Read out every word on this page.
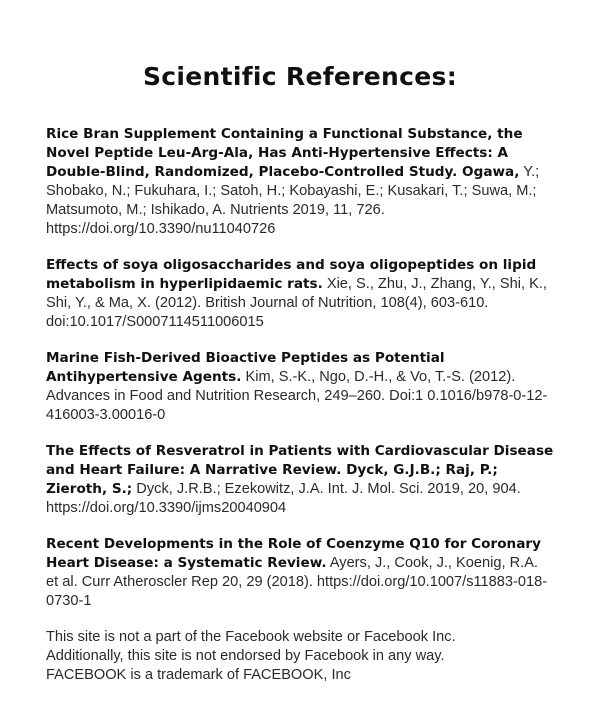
Scientific References:
Rice Bran Supplement Containing a Functional Substance, the Novel Peptide Leu-Arg-Ala, Has Anti-Hypertensive Effects: A Double-Blind, Randomized, Placebo-Controlled Study. Ogawa, Y.; Shobako, N.; Fukuhara, I.; Satoh, H.; Kobayashi, E.; Kusakari, T.; Suwa, M.; Matsumoto, M.; Ishikado, A. Nutrients 2019, 11, 726. https://doi.org/10.3390/nu11040726
Effects of soya oligosaccharides and soya oligopeptides on lipid metabolism in hyperlipidaemic rats. Xie, S., Zhu, J., Zhang, Y., Shi, K., Shi, Y., & Ma, X. (2012). British Journal of Nutrition, 108(4), 603-610. doi:10.1017/S0007114511006015
Marine Fish-Derived Bioactive Peptides as Potential Antihypertensive Agents. Kim, S.-K., Ngo, D.-H., & Vo, T.-S. (2012). Advances in Food and Nutrition Research, 249–260. Doi:1 0.1016/b978-0-12-416003-3.00016-0
The Effects of Resveratrol in Patients with Cardiovascular Disease and Heart Failure: A Narrative Review. Dyck, G.J.B.; Raj, P.; Zieroth, S.; Dyck, J.R.B.; Ezekowitz, J.A. Int. J. Mol. Sci. 2019, 20, 904. https://doi.org/10.3390/ijms20040904
Recent Developments in the Role of Coenzyme Q10 for Coronary Heart Disease: a Systematic Review. Ayers, J., Cook, J., Koenig, R.A. et al. Curr Atheroscler Rep 20, 29 (2018). https://doi.org/10.1007/s11883-018-0730-1

This site is not a part of the Facebook website or Facebook Inc.
Additionally, this site is not endorsed by Facebook in any way.
FACEBOOK is a trademark of FACEBOOK, Inc
